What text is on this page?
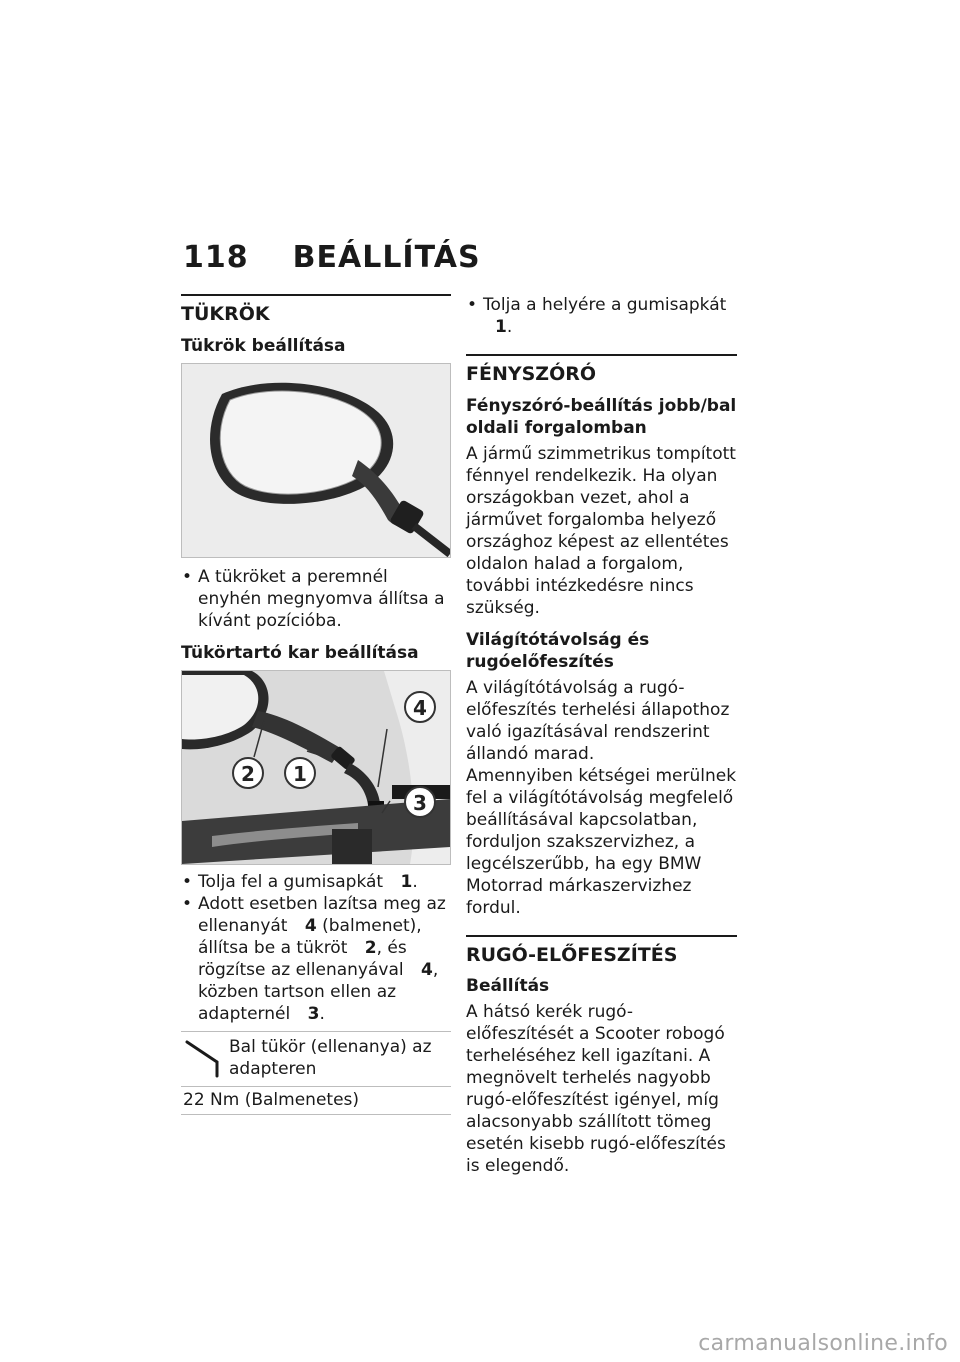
118 BEÁLLÍTÁS
TÜKRÖK
Tükrök beállítása
• A tükröket a peremnél enyhén megnyomva állítsa a kívánt pozícióba.
Tükörtartó kar beállítása
2 1
4
3
• Tolja fel a gumisapkát 1.
• Adott esetben lazítsa meg az ellenanyát 4 (balmenet), állítsa be a tükröt 2, és rögzítse az ellenanyával 4, közben tartson ellen az adapternél 3.
Bal tükör (ellenanya) az adapteren
22 Nm (Balmenetes)
• Tolja a helyére a gumisapkát 1.
FÉNYSZÓRÓ
Fényszóró-beállítás jobb/bal oldali forgalomban

A jármű szimmetrikus tompított fénnyel rendelkezik. Ha olyan országokban vezet, ahol a járművet forgalomba helyező országhoz képest az ellentétes oldalon halad a forgalom, további intézkedésre nincs szükség.

Világítótávolság és rugóelőfeszítés

A világítótávolság a rugó-előfeszítés terhelési állapothoz való igazításával rendszerint állandó marad.

Amennyiben kétségei merülnek fel a világítótávolság megfelelő beállításával kapcsolatban, forduljon szakszervizhez, a legcélszerűbb, ha egy BMW Motorrad márkaszervizhez fordul.

RUGÓ-ELŐFESZÍTÉS
Beállítás

A hátsó kerék rugó-előfeszítését a Scooter robogó terheléséhez kell igazítani. A megnövelt terhelés nagyobb rugó-előfeszítést igényel, míg alacsonyabb szállított tömeg esetén kisebb rugó-előfeszítés is elegendő.

carmanualsonline.info
